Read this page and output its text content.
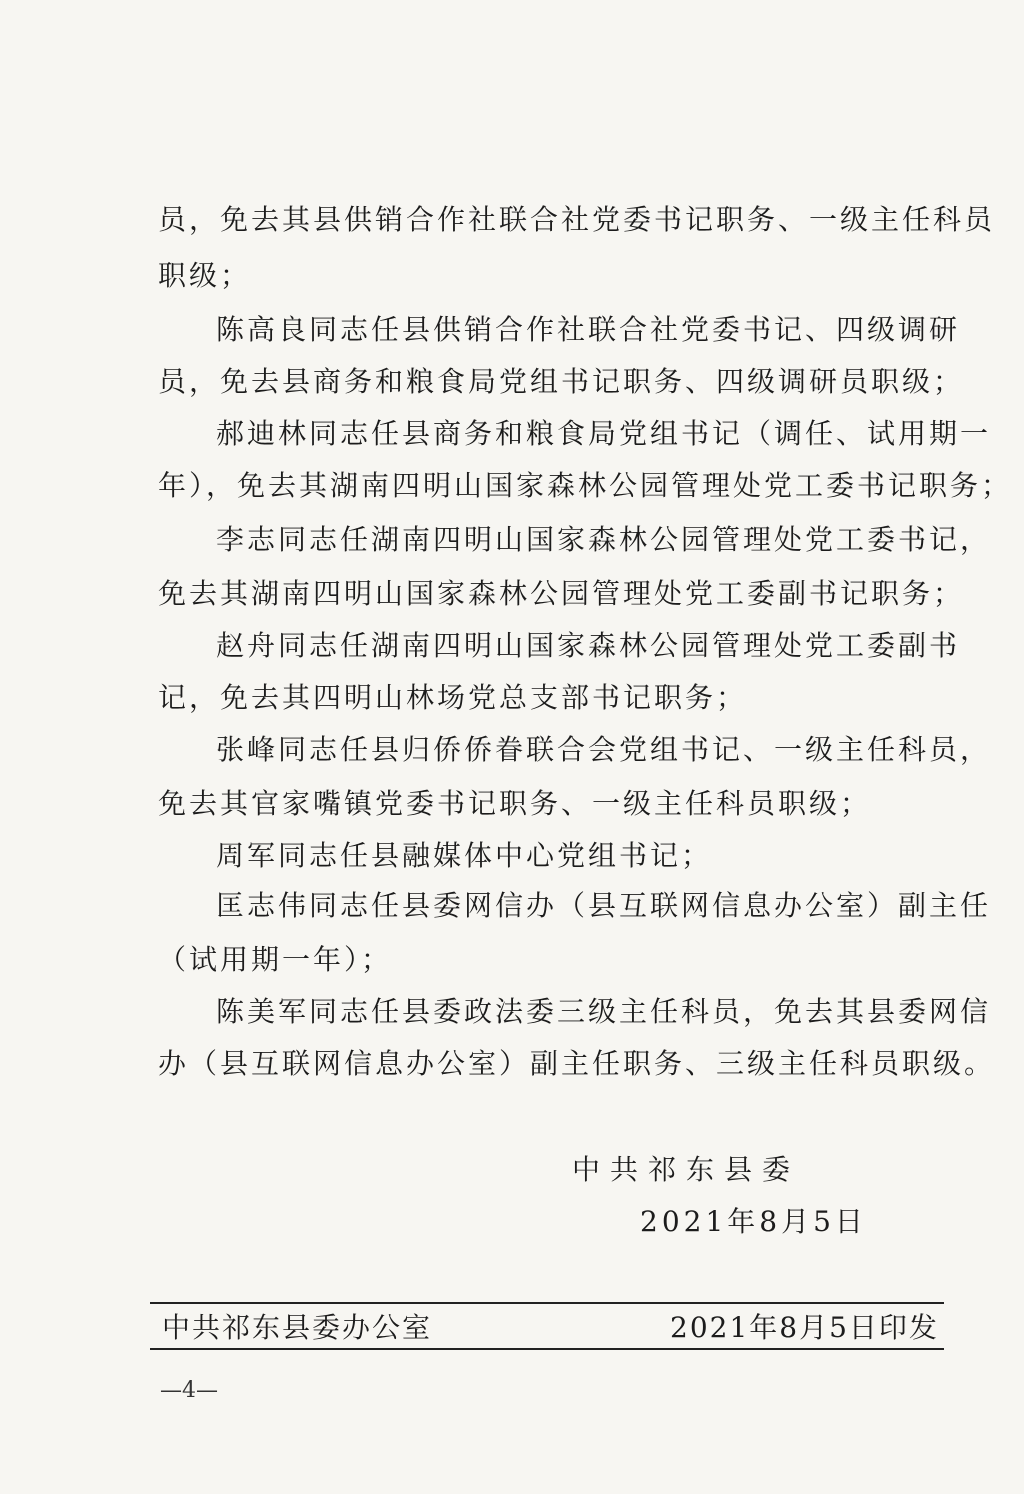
员，免去其县供销合作社联合社党委书记职务、一级主任科员
职级；
陈高良同志任县供销合作社联合社党委书记、四级调研
员，免去县商务和粮食局党组书记职务、四级调研员职级；
郝迪林同志任县商务和粮食局党组书记（调任、试用期一
年），免去其湖南四明山国家森林公园管理处党工委书记职务；
李志同志任湖南四明山国家森林公园管理处党工委书记，
免去其湖南四明山国家森林公园管理处党工委副书记职务；
赵舟同志任湖南四明山国家森林公园管理处党工委副书
记，免去其四明山林场党总支部书记职务；
张峰同志任县归侨侨眷联合会党组书记、一级主任科员，
免去其官家嘴镇党委书记职务、一级主任科员职级；
周军同志任县融媒体中心党组书记；
匡志伟同志任县委网信办（县互联网信息办公室）副主任
（试用期一年）；
陈美军同志任县委政法委三级主任科员，免去其县委网信
办（县互联网信息办公室）副主任职务、三级主任科员职级。
中共祁东县委
2021年8月5日
中共祁东县委办公室	2021年8月5日印发
—4—
